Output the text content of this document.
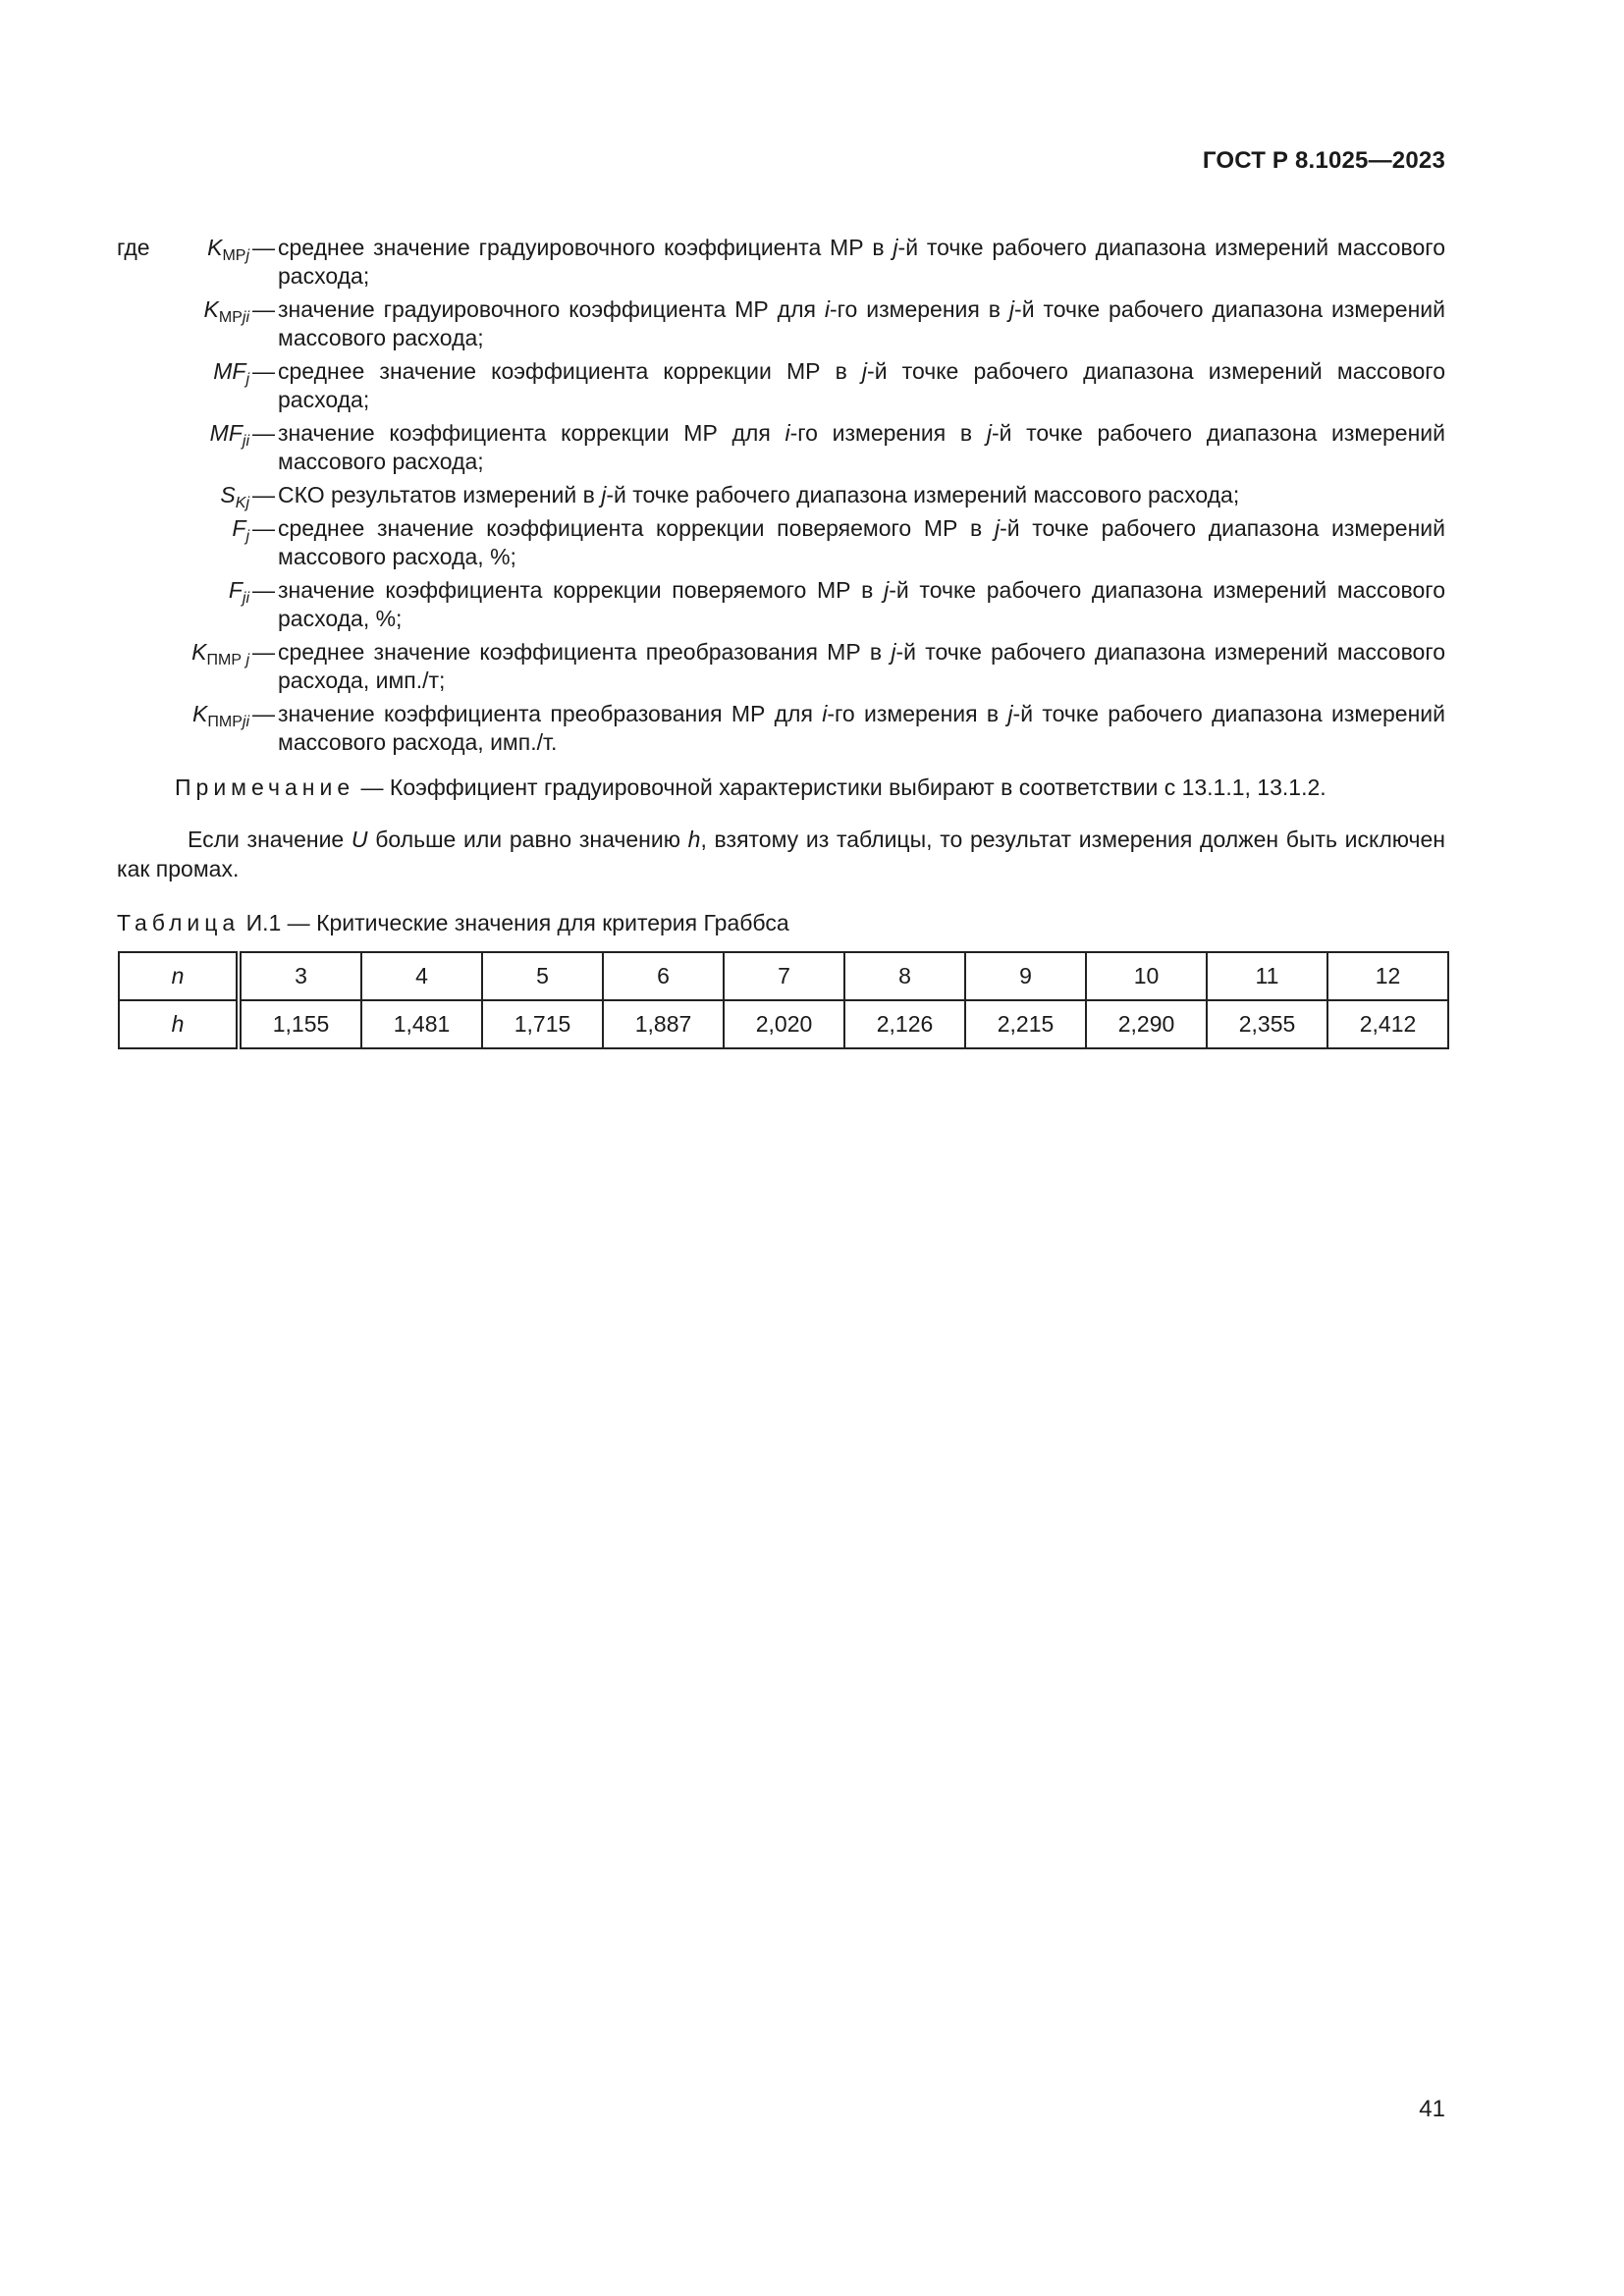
ГОСТ Р 8.1025—2023
где	$K_{МРj}$ — среднее значение градуировочного коэффициента МР в j-й точке рабочего диапазона измерений массового расхода;
$K_{МРji}$ — значение градуировочного коэффициента МР для i-го измерения в j-й точке рабочего диапазона измерений массового расхода;
$MF_j$ — среднее значение коэффициента коррекции МР в j-й точке рабочего диапазона измерений массового расхода;
$MF_{ji}$ — значение коэффициента коррекции МР для i-го измерения в j-й точке рабочего диапазона измерений массового расхода;
$S_{Kj}$ — СКО результатов измерений в j-й точке рабочего диапазона измерений массового расхода;
$F_j$ — среднее значение коэффициента коррекции поверяемого МР в j-й точке рабочего диапазона измерений массового расхода, %;
$F_{ji}$ — значение коэффициента коррекции поверяемого МР в j-й точке рабочего диапазона измерений массового расхода, %;
$K_{ПМР j}$ — среднее значение коэффициента преобразования МР в j-й точке рабочего диапазона измерений массового расхода, имп./т;
$K_{ПМРji}$ — значение коэффициента преобразования МР для i-го измерения в j-й точке рабочего диапазона измерений массового расхода, имп./т.
Примечание — Коэффициент градуировочной характеристики выбирают в соответствии с 13.1.1, 13.1.2.
Если значение U больше или равно значению h, взятому из таблицы, то результат измерения должен быть исключен как промах.
Таблица И.1 — Критические значения для критерия Граббса
n	3	4	5	6	7	8	9	10	11	12
h	1,155	1,481	1,715	1,887	2,020	2,126	2,215	2,290	2,355	2,412
41
